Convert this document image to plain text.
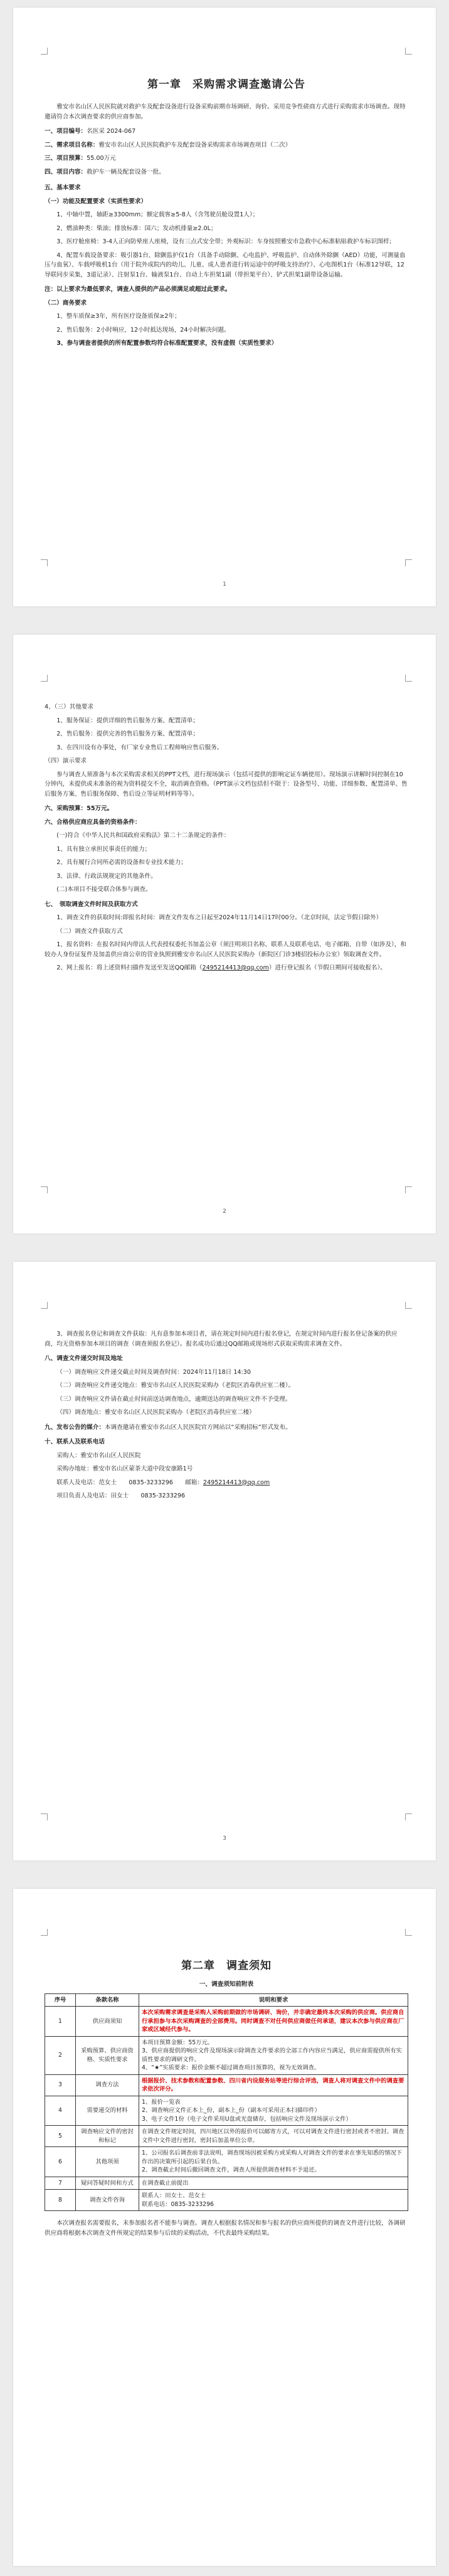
第一章　采购需求调查邀请公告

雅安市名山区人民医院就对救护车及配套设备进行设备采购前期市场调研、询价。采用竞争性磋商方式进行采购需求市场调查。现特邀请符合本次调查要求的供应商参加。

一、项目编号：名医采 2024-067

二、需求项目名称：雅安市名山区人民医院救护车及配套设备采购需求市场调查项目（二次）

三、项目预算：55.00万元

四、项目内容：救护车一辆及配套设备一批。

五、基本要求

（一）功能及配置要求（实质性要求）

1、中轴中置，轴距≥3300mm；额定载客≥5-8人（含驾驶员舱设置1人）；

2、燃油种类：柴油；排放标准：国六；发动机排量≥2.0L；

3、医疗舱座椅：3-4人正向防晕座人座椅，设有三点式安全带；外观标识：车身按照雅安市急救中心标准粘贴救护车标识图样；

4、配置车载设备要求：吸引器1台、除颤监护仪1台（具备手动除颤、心电监护、呼吸监护、自动体外除颤（AED）功能，可测量血压与血氧）、车载呼吸机1台（用于院外成院内的幼儿、儿童、成人患者进行转运途中的呼吸支持治疗）、心电图机1台（标准12导联，12导联同步采集，3道记录）、注射泵1台、输液泵1台、自动上车担架1副（带担架平台）、铲式担架1副带设备运输。

注：以上要求为最低要求，调查人提供的产品必须满足或超过此要求。

（二）商务要求

1、整车质保≥3年，所有医疗设备质保≥2年；

2、售后服务：2小时响应，12小时抵达现场，24小时解决问题。

3、参与调查者提供的所有配置参数均符合标准配置要求，没有虚假（实质性要求）

1

4、（三）其他要求

1、服务保证：提供详细的售后服务方案、配置清单；

2、售后服务：提供完善的售后服务方案、配置清单；

3、在四川设有办事处，有厂家专业售后工程师响应售后服务。

（四）演示要求

参与调查人须准备与本次采购需求相关的PPT文档，进行现场演示（包括可提供的影响定证车辆使用）。现场演示讲解时间控制在10分钟内，未提供或未准备的视为资料提交不全，取消调查资格。（PPT演示文档包括但不限于：设备型号、功能、详细参数、配置清单、售后服务方案、售后服务保障、售后设立等证明材料等等）。

六、采购预算：55万元。

六、合格供应商应具备的资格条件：

(一)符合《中华人民共和国政府采购法》第二十二条规定的条件：

1、具有独立承担民事责任的能力；

2、具有履行合同所必需的设备和专业技术能力；

3、法律、行政法规规定的其他条件。

(二)本项目不接受联合体参与调查。

七、　领取调查文件时间及获取方式

1、调查文件的获取时间:即报名时间：调查文件发布之日起至2024年11月14日17时00分。（北京时间，法定节假日除外）

（二）调查文件获取方式

1、报名资料：在报名时间内带法人代表授权委托书加盖公章（须注明项目名称、联系人及联系电话、电子邮箱、自带（如涉及），和较办人身份证复件及加盖供应商公章的营业执照到雅安市名山区人民医院采购办（新院区门诊3楼招投标办公室）领取调查文件。

2、网上报名：将上述资料扫描件发送至发送QQ邮箱（2495214413@qq.com）进行登记报名（节假日期间可接收报名）。

2

3、调查报名登记和调查文件获取：凡有意参加本项目者，请在规定时间内进行报名登记，在规定时间内进行报名登记备案的供应商，均无资格参加本项目的调查（调查须报名登记）。报名成功后通过QQ邮箱或现场形式获取采购需求调查文件。

八、调查文件递交时间及地址

（一）调查响应文件递交截止时间及调查时间：2024年11月18日 14:30

（二）调查响应文件递交地点：雅安市名山区人民医院采购办（老院区消毒供应室二楼）。

（三）调查响应文件请在截止时间前送达调查地点，逾期送达的调查响应文件不予受理。

（四）调查地点：雅安市名山区人民医院采购办（老院区消毒供应室二楼）

九、发布公告的媒介：本调查邀请在雅安市名山区人民医院官方网站以“采购招标”形式发布。

十、联系人及联系电话

采购人：雅安市名山区人民医院

采购办地址：雅安市名山区蒙茶大道中段安康路1号

联系人及电话：范女士　　0835-3233296　　邮箱：2495214413@qq.com

项目负责人及电话：田女士　　0835-3233296

3
第二章　调查须知

一、调查须知前附表

序号	条款名称	说明和要求
1	供应商须知	本次采购需求调查是采购人采购前期做的市场调研、询价，并非确定最终本次采购的供应商。供应商自行承担参与本次采购调查的全部费用。同时调查不对任何供应商做任何承诺，建议本次参与供应商在厂家或区域经代参与。
2	采购预算、供应商资格、实质性要求	本项目预算金额：55万元。
3、供应商提供的响应文件及现场演示除调查文件要求的全部工作内容应当满足，供应商需提供所有实质性要求的调研文件。
4、“★”实质要求：报价金额不超过调查项目预算的，视为无效调查。
3	调查方法	根据报价、技术参数和配置参数、四川省内设服务站等进行综合评选，调查人将对调查文件中的调查要求依次评分。
4	需要递交的材料	1、报价一览表
2、调查响应文件正本上_份，副本上_份（副本可采用正本扫描印件）
3、电子文件1份（电子文件采用U盘或光盘储存，包括响应文件及现场演示文件）
5	调查响应文件的密封和标记	在调查文件规定时间，四川地区以外的报价可以邮寄方式，可以对调查文件进行密封或者不密封。调查文件中文件进行密封，密封后加盖单位公章。
6	其他项须	1、公司报名后调查前非法说明，调查现场因被采购方或采购人对调查文件的要求在事先知悉的情况下作出的决策所引起的后果自负。
2、调查截止时间后撤回调查文件，调查人所提供调查材料不予退还。
7	疑问答疑时间和方式	在调查截止前提出
8	调查文件咨询	联系人：田女士、范女士
联系电话：0835-3233296

本次调查报名需要报名，未参加报名者不能参与调查。调查人根据报名情况和参与报名的供应商所提供的调查文件进行比较，各调研供应商将根据本次调查文件所规定的结果参与后续的采购活动，不代表最终采购结果。
